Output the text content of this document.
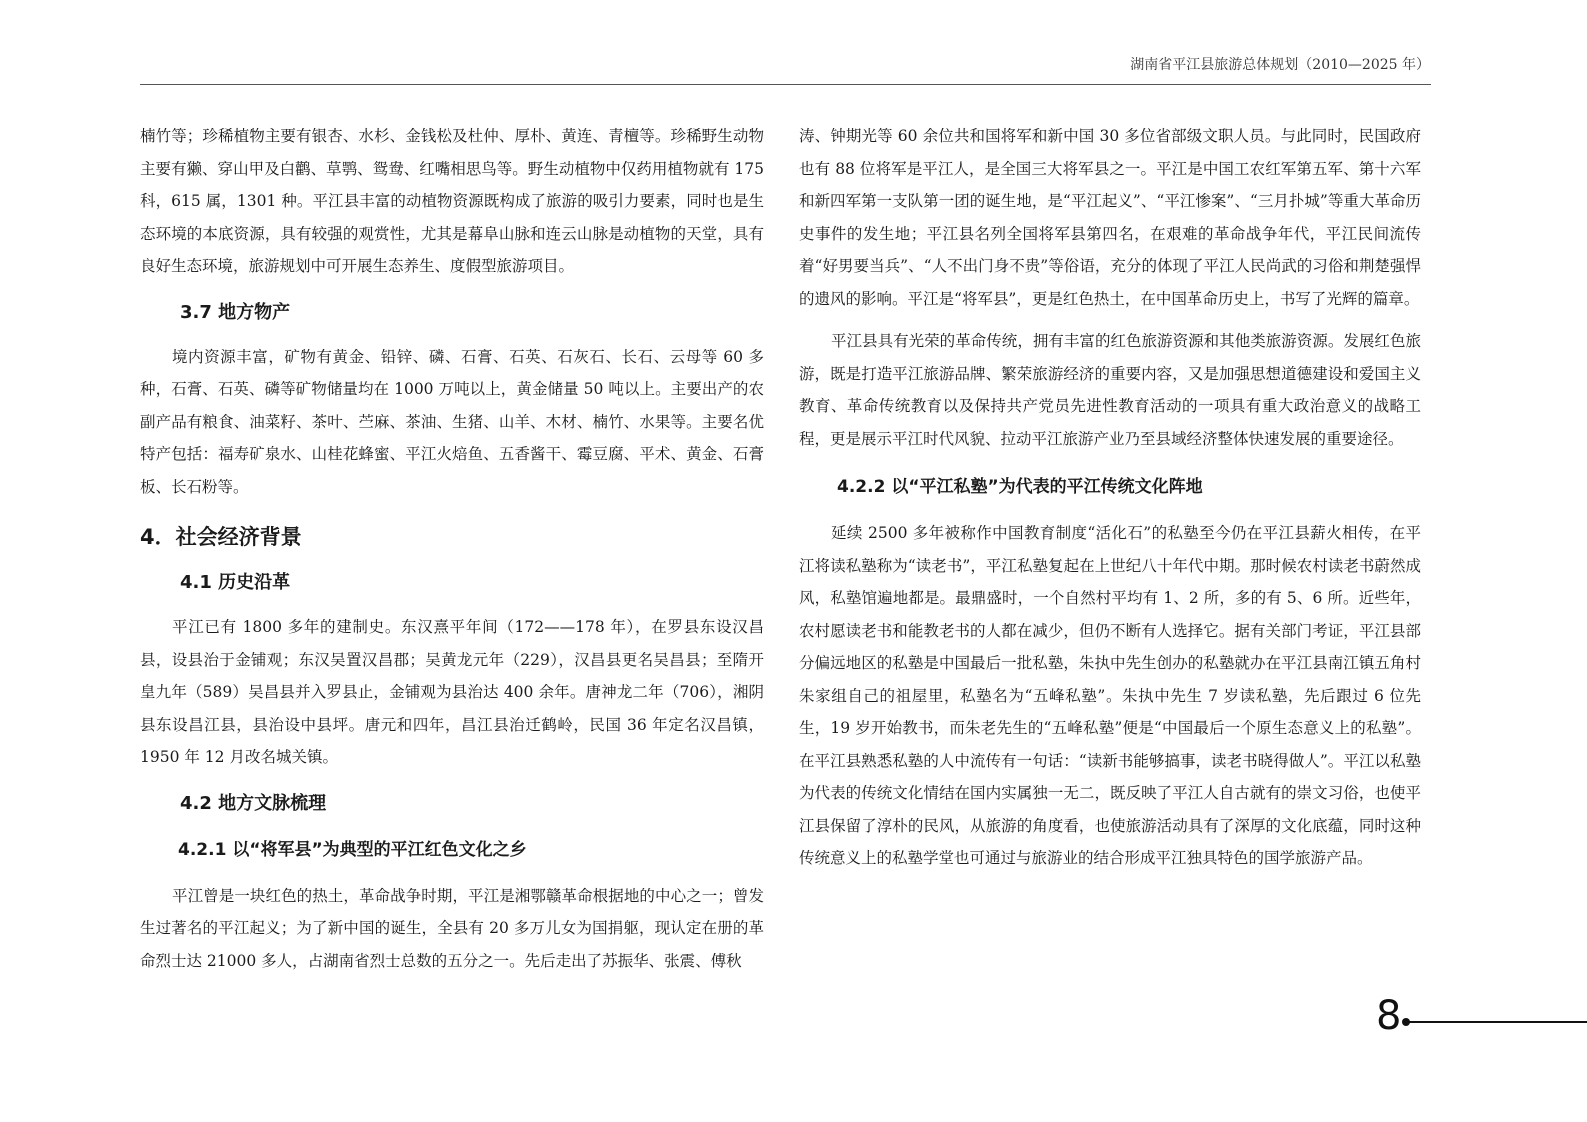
湖南省平江县旅游总体规划（2010—2025 年）

楠竹等；珍稀植物主要有银杏、水杉、金钱松及杜仲、厚朴、黄连、青檀等。珍稀野生动物主要有獭、穿山甲及白鹳、草鹗、鸳鸯、红嘴相思鸟等。野生动植物中仅药用植物就有 175 科，615 属，1301 种。平江县丰富的动植物资源既构成了旅游的吸引力要素，同时也是生态环境的本底资源，具有较强的观赏性，尤其是幕阜山脉和连云山脉是动植物的天堂，具有良好生态环境，旅游规划中可开展生态养生、度假型旅游项目。

3.7 地方物产

境内资源丰富，矿物有黄金、铅锌、磷、石膏、石英、石灰石、长石、云母等 60 多种，石膏、石英、磷等矿物储量均在 1000 万吨以上，黄金储量 50 吨以上。主要出产的农副产品有粮食、油菜籽、茶叶、苎麻、茶油、生猪、山羊、木材、楠竹、水果等。主要名优特产包括：福寿矿泉水、山桂花蜂蜜、平江火焙鱼、五香酱干、霉豆腐、平术、黄金、石膏板、长石粉等。

4．社会经济背景
4.1 历史沿革

平江已有 1800 多年的建制史。东汉熹平年间（172——178 年），在罗县东设汉昌县，设县治于金铺观；东汉吴置汉昌郡；吴黄龙元年（229），汉昌县更名吴昌县；至隋开皇九年（589）吴昌县并入罗县止，金铺观为县治达 400 余年。唐神龙二年（706），湘阴县东设昌江县，县治设中县坪。唐元和四年，昌江县治迁鹤岭，民国 36 年定名汉昌镇，1950 年 12 月改名城关镇。

4.2 地方文脉梳理
4.2.1 以“将军县”为典型的平江红色文化之乡

平江曾是一块红色的热土，革命战争时期，平江是湘鄂赣革命根据地的中心之一；曾发生过著名的平江起义；为了新中国的诞生，全县有 20 多万儿女为国捐躯，现认定在册的革命烈士达 21000 多人，占湖南省烈士总数的五分之一。先后走出了苏振华、张震、傅秋

涛、钟期光等 60 余位共和国将军和新中国 30 多位省部级文职人员。与此同时，民国政府也有 88 位将军是平江人，是全国三大将军县之一。平江是中国工农红军第五军、第十六军和新四军第一支队第一团的诞生地，是“平江起义”、“平江惨案”、“三月扑城”等重大革命历史事件的发生地；平江县名列全国将军县第四名，在艰难的革命战争年代，平江民间流传着“好男要当兵”、“人不出门身不贵”等俗语，充分的体现了平江人民尚武的习俗和荆楚强悍的遗风的影响。平江是“将军县”，更是红色热土，在中国革命历史上，书写了光辉的篇章。

平江县具有光荣的革命传统，拥有丰富的红色旅游资源和其他类旅游资源。发展红色旅游，既是打造平江旅游品牌、繁荣旅游经济的重要内容，又是加强思想道德建设和爱国主义教育、革命传统教育以及保持共产党员先进性教育活动的一项具有重大政治意义的战略工程，更是展示平江时代风貌、拉动平江旅游产业乃至县域经济整体快速发展的重要途径。

4.2.2 以“平江私塾”为代表的平江传统文化阵地

延续 2500 多年被称作中国教育制度“活化石”的私塾至今仍在平江县薪火相传，在平江将读私塾称为“读老书”，平江私塾复起在上世纪八十年代中期。那时候农村读老书蔚然成风，私塾馆遍地都是。最鼎盛时，一个自然村平均有 1、2 所，多的有 5、6 所。近些年，农村愿读老书和能教老书的人都在减少，但仍不断有人选择它。据有关部门考证，平江县部分偏远地区的私塾是中国最后一批私塾，朱执中先生创办的私塾就办在平江县南江镇五角村朱家组自己的祖屋里，私塾名为“五峰私塾”。朱执中先生 7 岁读私塾，先后跟过 6 位先生，19 岁开始教书，而朱老先生的“五峰私塾”便是“中国最后一个原生态意义上的私塾”。在平江县熟悉私塾的人中流传有一句话：“读新书能够搞事，读老书晓得做人”。平江以私塾为代表的传统文化情结在国内实属独一无二，既反映了平江人自古就有的崇文习俗，也使平江县保留了淳朴的民风，从旅游的角度看，也使旅游活动具有了深厚的文化底蕴，同时这种传统意义上的私塾学堂也可通过与旅游业的结合形成平江独具特色的国学旅游产品。

8
